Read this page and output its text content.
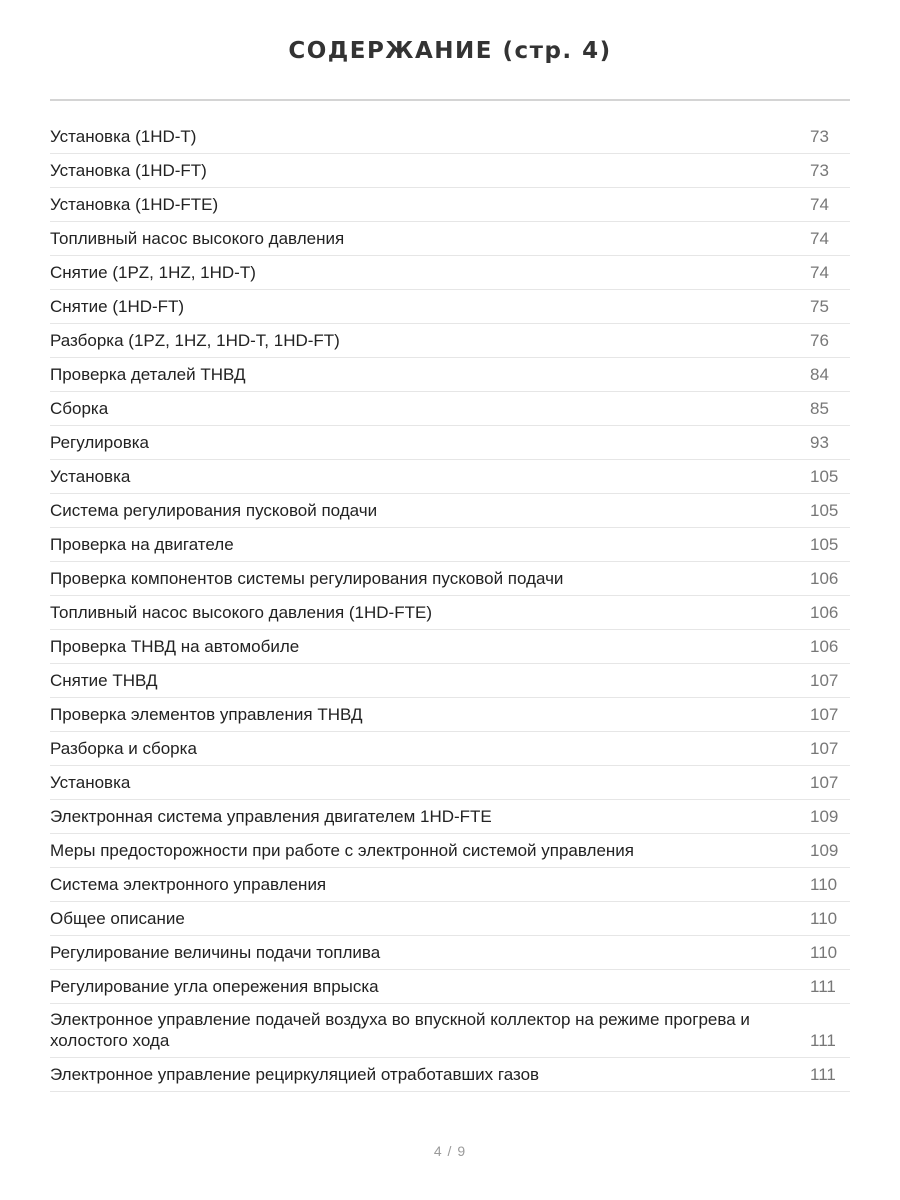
СОДЕРЖАНИЕ (стр. 4)
Установка (1HD-T)	73
Установка (1HD-FT)	73
Установка (1HD-FTE)	74
Топливный насос высокого давления	74
Снятие (1PZ, 1HZ, 1HD-T)	74
Снятие (1HD-FT)	75
Разборка (1PZ, 1HZ, 1HD-T, 1HD-FT)	76
Проверка деталей ТНВД	84
Сборка	85
Регулировка	93
Установка	105
Система регулирования пусковой подачи	105
Проверка на двигателе	105
Проверка компонентов системы регулирования пусковой подачи	106
Топливный насос высокого давления (1HD-FTE)	106
Проверка ТНВД на автомобиле	106
Снятие ТНВД	107
Проверка элементов управления ТНВД	107
Разборка и сборка	107
Установка	107
Электронная система управления двигателем 1HD-FTE	109
Меры предосторожности при работе с электронной системой управления	109
Система электронного управления	110
Общее описание	110
Регулирование величины подачи топлива	110
Регулирование угла опережения впрыска	111
Электронное управление подачей воздуха во впускной коллектор на режиме прогрева и холостого хода	111
Электронное управление рециркуляцией отработавших газов	111
4 / 9
